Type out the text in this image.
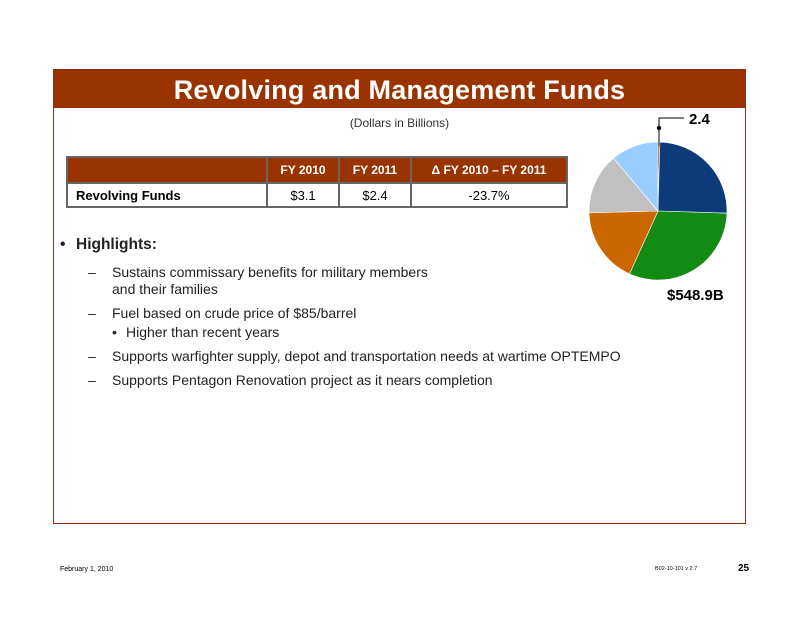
Revolving and Management Funds
(Dollars in Billions)
	FY 2010	FY 2011	Δ FY 2010 – FY 2011
Revolving Funds	$3.1	$2.4	-23.7%
• Highlights:
– Sustains commissary benefits for military members
and their families
– Fuel based on crude price of $85/barrel
• Higher than recent years
– Supports warfighter supply, depot and transportation needs at wartime OPTEMPO
– Supports Pentagon Renovation project as it nears completion
2.4
$548.9B
February 1, 2010	B02-10-101 v 2.7	25
